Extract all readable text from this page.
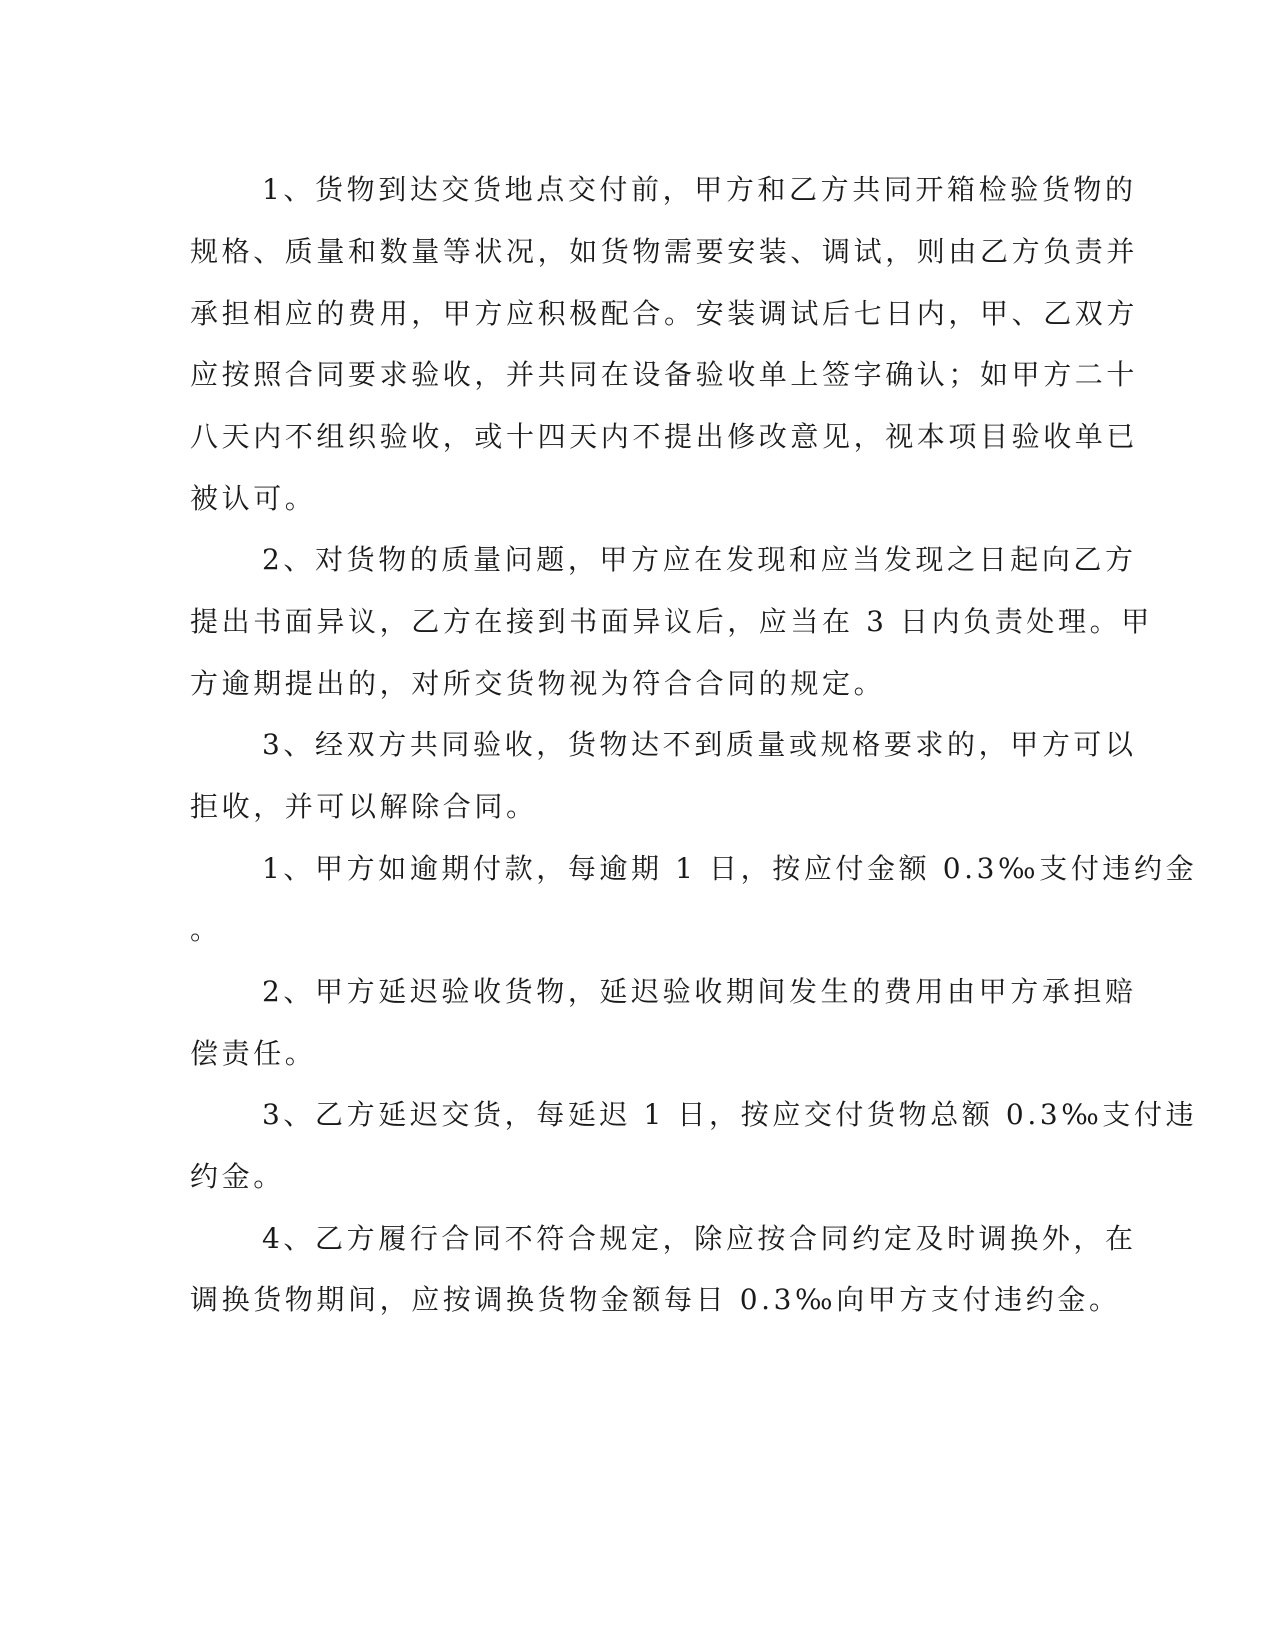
1、货物到达交货地点交付前，甲方和乙方共同开箱检验货物的
规格、质量和数量等状况，如货物需要安装、调试，则由乙方负责并
承担相应的费用，甲方应积极配合。安装调试后七日内，甲、乙双方
应按照合同要求验收，并共同在设备验收单上签字确认；如甲方二十
八天内不组织验收，或十四天内不提出修改意见，视本项目验收单已
被认可。
2、对货物的质量问题，甲方应在发现和应当发现之日起向乙方
提出书面异议，乙方在接到书面异议后，应当在 3 日内负责处理。甲
方逾期提出的，对所交货物视为符合合同的规定。
3、经双方共同验收，货物达不到质量或规格要求的，甲方可以
拒收，并可以解除合同。
1、甲方如逾期付款，每逾期 1 日，按应付金额 0.3‰支付违约金
。
2、甲方延迟验收货物，延迟验收期间发生的费用由甲方承担赔
偿责任。
3、乙方延迟交货，每延迟 1 日，按应交付货物总额 0.3‰支付违
约金。
4、乙方履行合同不符合规定，除应按合同约定及时调换外，在
调换货物期间，应按调换货物金额每日 0.3‰向甲方支付违约金。
